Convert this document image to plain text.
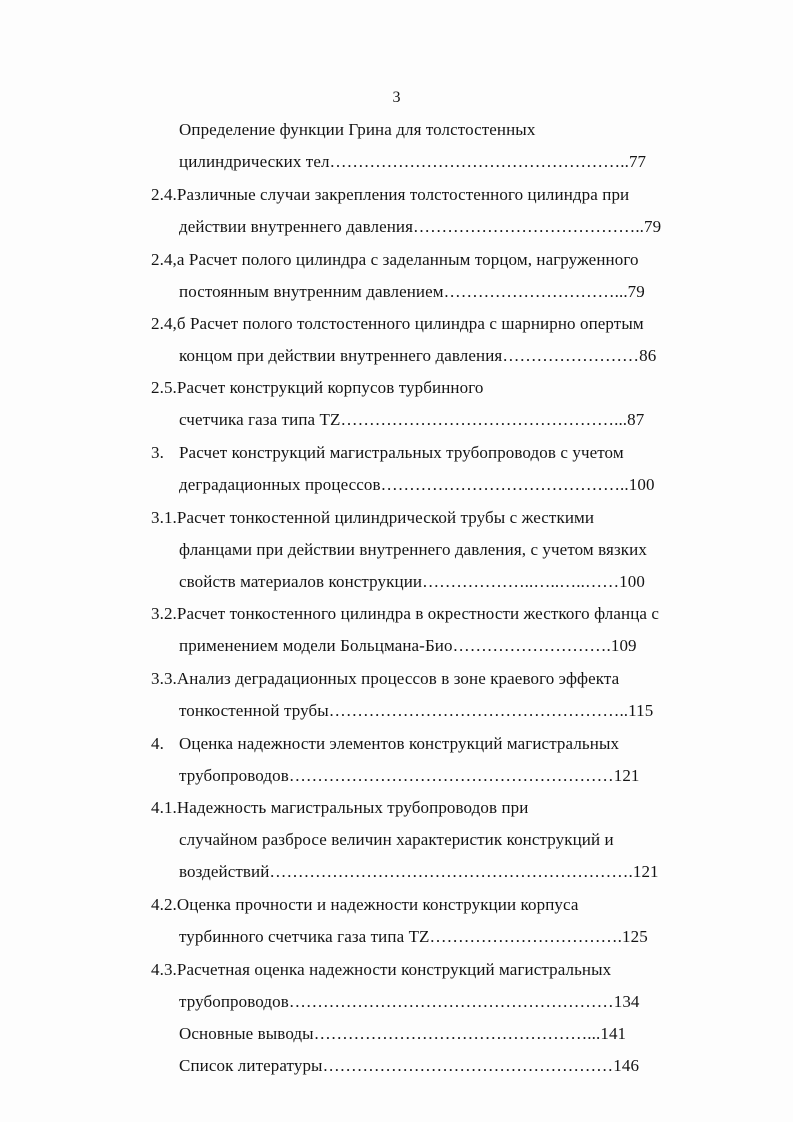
3
Определение функции Грина для толстостенных
цилиндрических тел……………………………………………..77
2.4.Различные случаи закрепления толстостенного цилиндра при
действии внутреннего давления…………………………………..79
2.4,а Расчет полого цилиндра с заделанным торцом, нагруженного
постоянным внутренним давлением…………………………...79
2.4,б Расчет полого толстостенного цилиндра с шарнирно опертым
концом при действии внутреннего давления……………………86
2.5.Расчет конструкций корпусов турбинного
счетчика газа типа TZ…………………………………………...87
3. Расчет конструкций магистральных трубопроводов с учетом
деградационных процессов……………………………………..100
3.1.Расчет тонкостенной цилиндрической трубы с жесткими
фланцами при действии внутреннего давления, с учетом вязких
свойств материалов конструкции………………..…..…..……100
3.2.Расчет тонкостенного цилиндра в окрестности жесткого фланца с
применением модели Больцмана-Био……………………….109
3.3.Анализ деградационных процессов в зоне краевого эффекта
тонкостенной трубы……………………………………………..115
4. Оценка надежности элементов конструкций магистральных
трубопроводов…………………………………………………121
4.1.Надежность магистральных трубопроводов при
случайном разбросе величин характеристик конструкций и
воздействий……………………………………………………….121
4.2.Оценка прочности и надежности конструкции корпуса
турбинного счетчика газа типа TZ…………………………….125
4.3.Расчетная оценка надежности конструкций магистральных
трубопроводов…………………………………………………134
Основные выводы…………………………………………...141
Список литературы……………………………………………146
